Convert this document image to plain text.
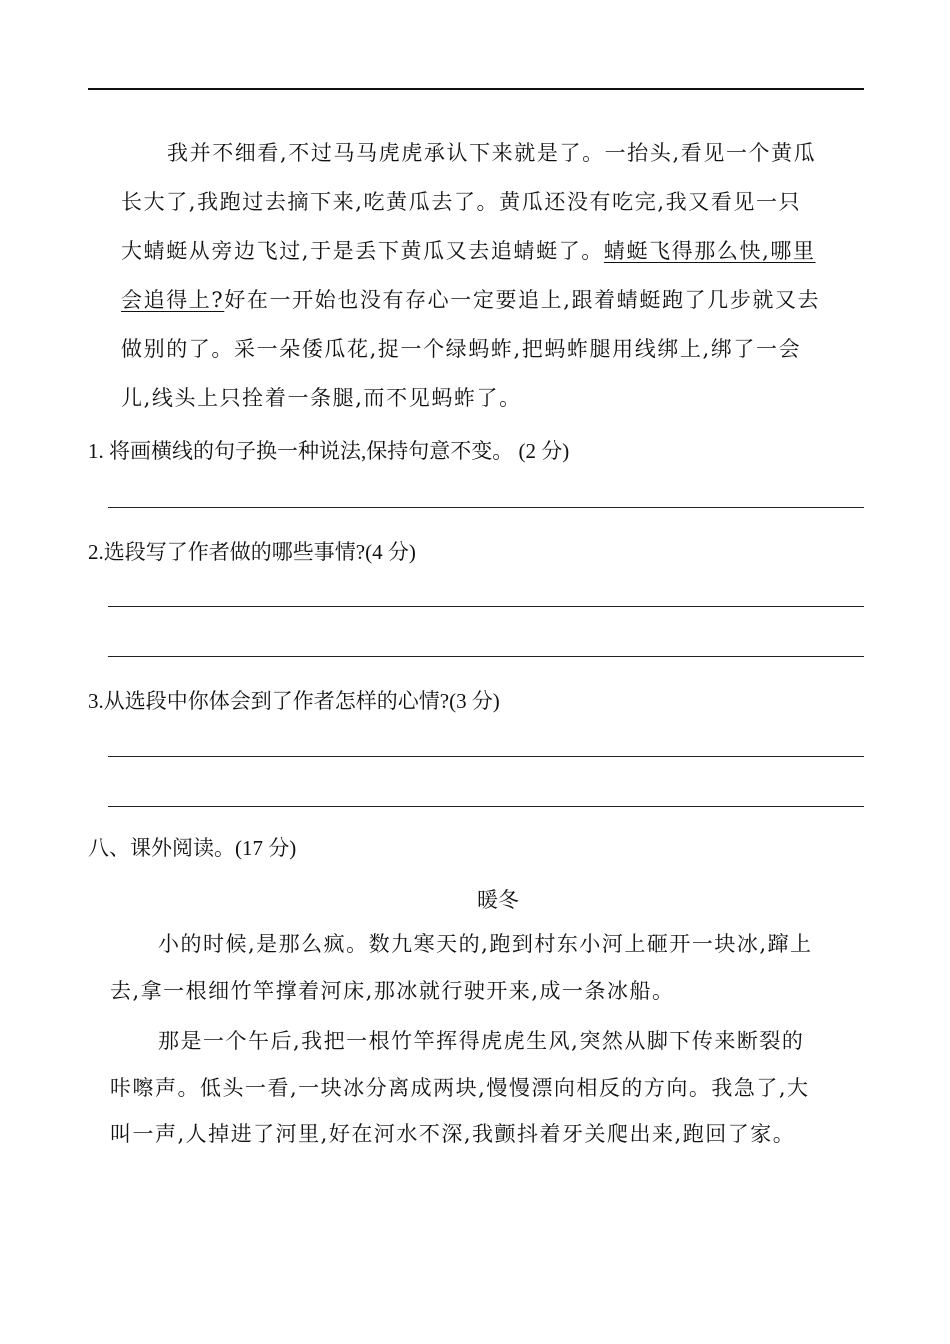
我并不细看,不过马马虎虎承认下来就是了。一抬头,看见一个黄瓜
长大了,我跑过去摘下来,吃黄瓜去了。黄瓜还没有吃完,我又看见一只
大蜻蜓从旁边飞过,于是丢下黄瓜又去追蜻蜓了。蜻蜓飞得那么快,哪里
会追得上?好在一开始也没有存心一定要追上,跟着蜻蜓跑了几步就又去
做别的了。采一朵倭瓜花,捉一个绿蚂蚱,把蚂蚱腿用线绑上,绑了一会
儿,线头上只拴着一条腿,而不见蚂蚱了。
1. 将画横线的句子换一种说法,保持句意不变。 (2 分)
2.选段写了作者做的哪些事情?(4 分)
3.从选段中你体会到了作者怎样的心情?(3 分)
八、课外阅读。(17 分)
暖冬
小的时候,是那么疯。数九寒天的,跑到村东小河上砸开一块冰,蹿上
去,拿一根细竹竿撑着河床,那冰就行驶开来,成一条冰船。
那是一个午后,我把一根竹竿挥得虎虎生风,突然从脚下传来断裂的
咔嚓声。低头一看,一块冰分离成两块,慢慢漂向相反的方向。我急了,大
叫一声,人掉进了河里,好在河水不深,我颤抖着牙关爬出来,跑回了家。
